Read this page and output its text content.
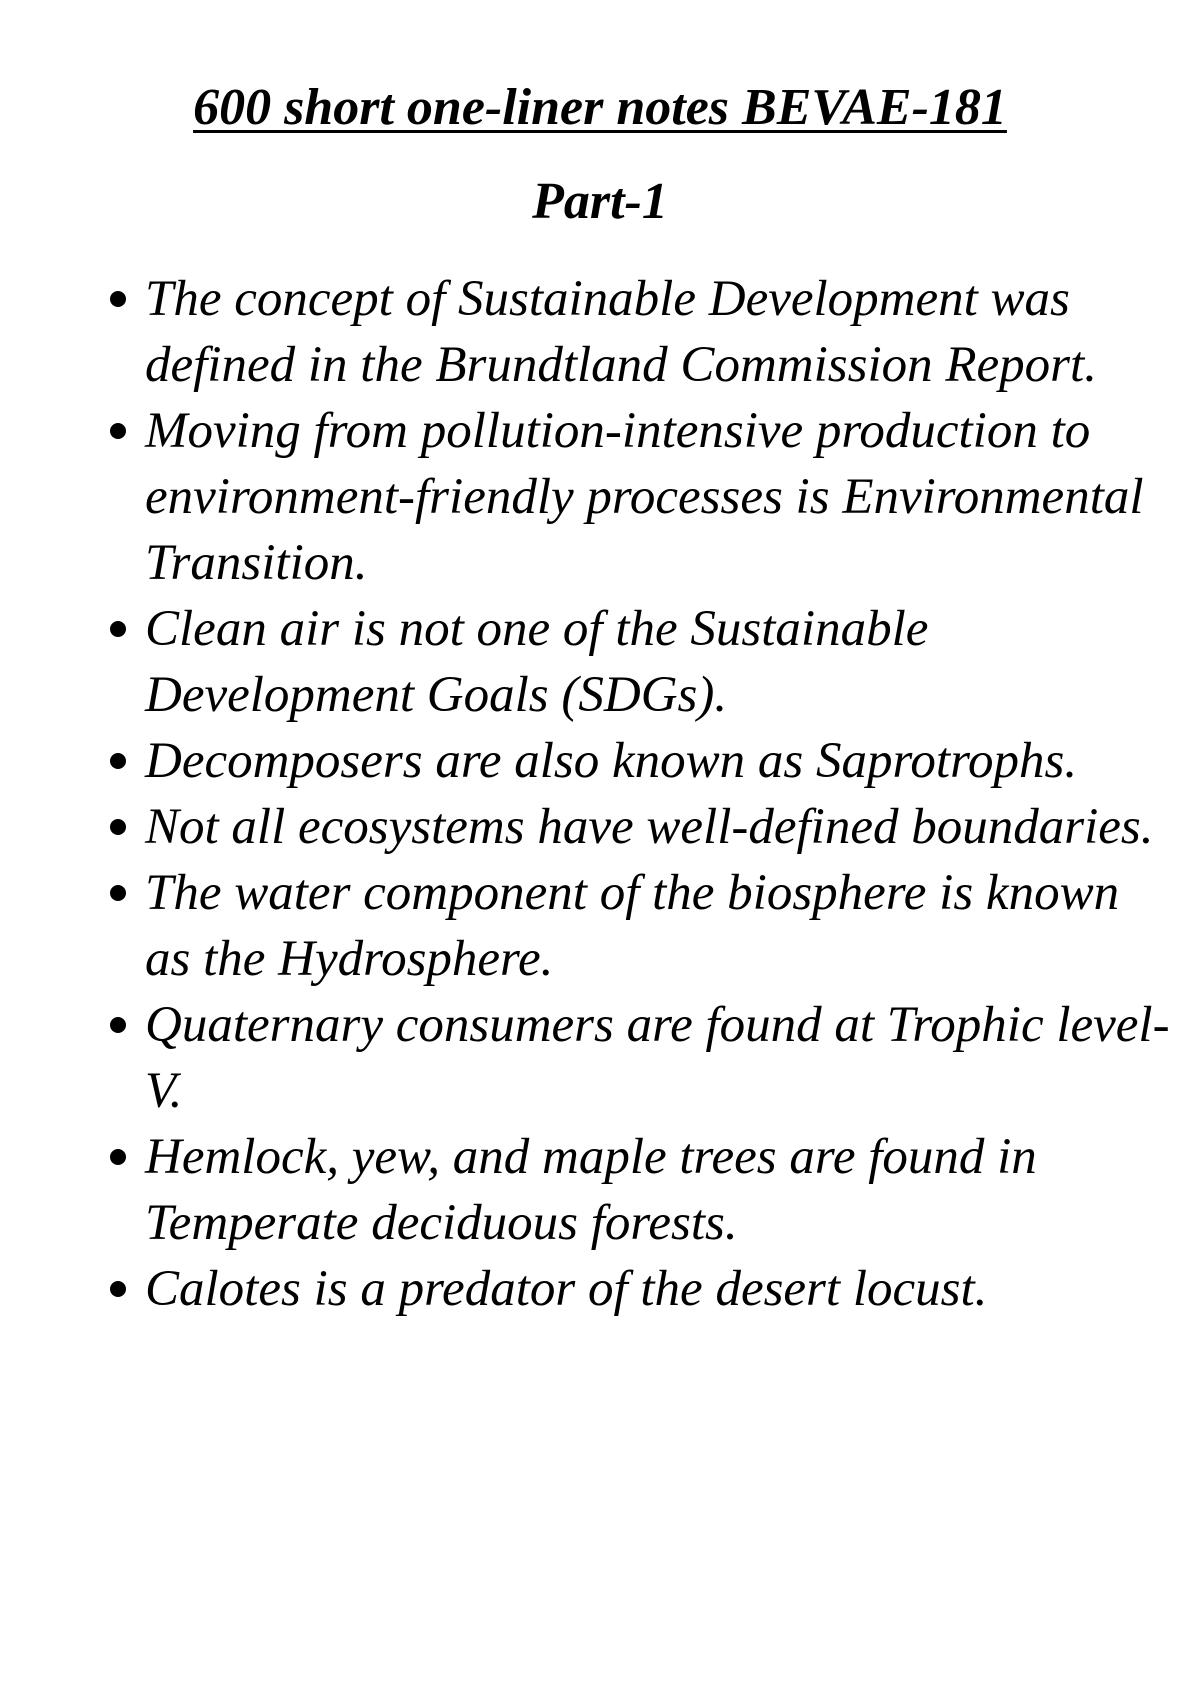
600 short one-liner notes BEVAE-181
Part-1
The concept of Sustainable Development was defined in the Brundtland Commission Report.
Moving from pollution-intensive production to environment-friendly processes is Environmental Transition.
Clean air is not one of the Sustainable Development Goals (SDGs).
Decomposers are also known as Saprotrophs.
Not all ecosystems have well-defined boundaries.
The water component of the biosphere is known as the Hydrosphere.
Quaternary consumers are found at Trophic level-V.
Hemlock, yew, and maple trees are found in Temperate deciduous forests.
Calotes is a predator of the desert locust.
